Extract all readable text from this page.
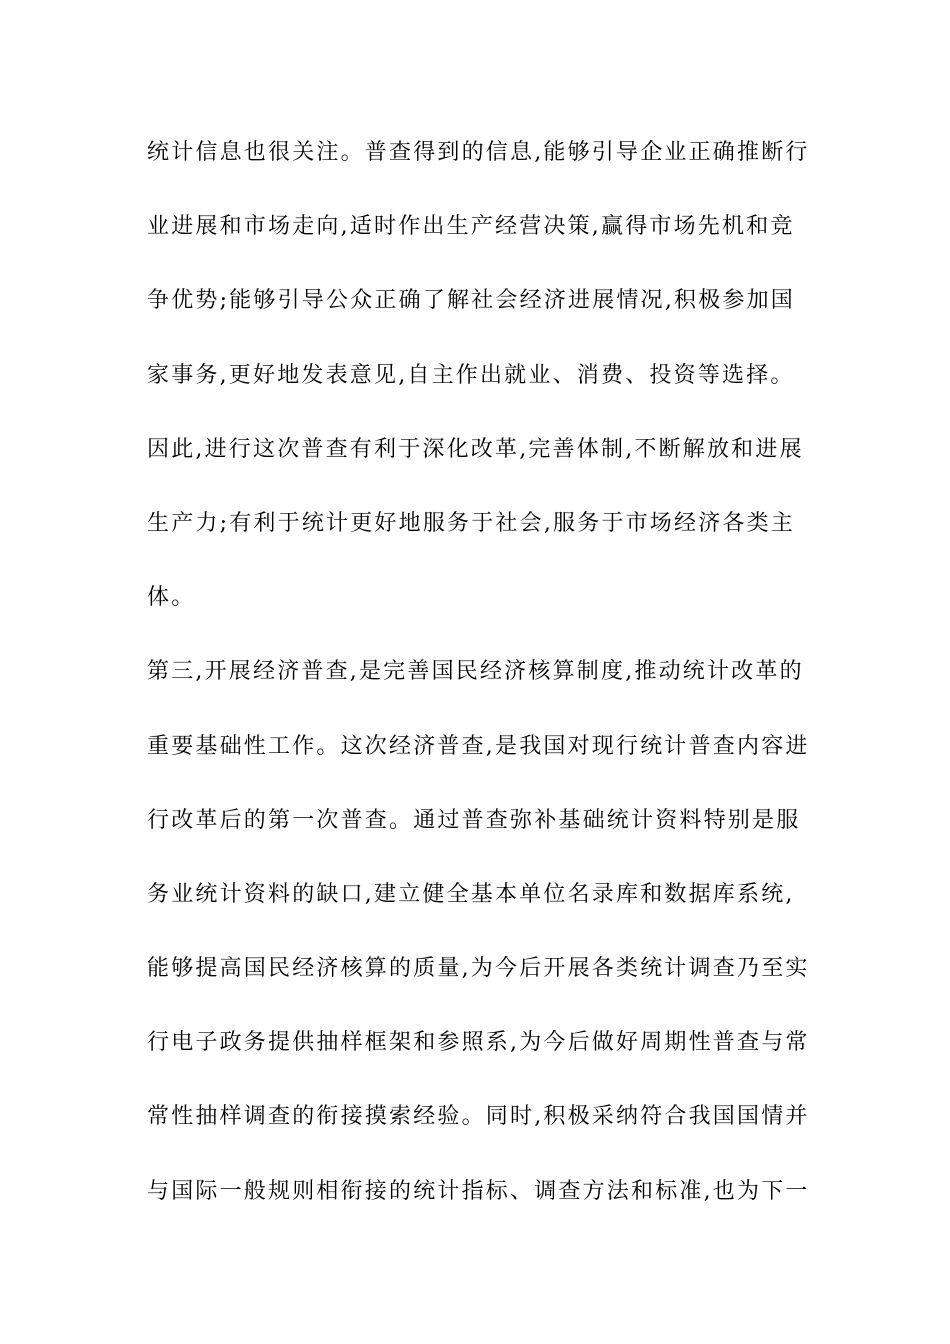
统计信息也很关注。普查得到的信息,能够引导企业正确推断行
业进展和市场走向,适时作出生产经营决策,赢得市场先机和竞
争优势;能够引导公众正确了解社会经济进展情况,积极参加国
家事务,更好地发表意见,自主作出就业、消费、投资等选择。
因此,进行这次普查有利于深化改革,完善体制,不断解放和进展
生产力;有利于统计更好地服务于社会,服务于市场经济各类主
体。
第三,开展经济普查,是完善国民经济核算制度,推动统计改革的
重要基础性工作。这次经济普查,是我国对现行统计普查内容进
行改革后的第一次普查。通过普查弥补基础统计资料特别是服
务业统计资料的缺口,建立健全基本单位名录库和数据库系统,
能够提高国民经济核算的质量,为今后开展各类统计调查乃至实
行电子政务提供抽样框架和参照系,为今后做好周期性普查与常
常性抽样调查的衔接摸索经验。同时,积极采纳符合我国国情并
与国际一般规则相衔接的统计指标、调查方法和标准,也为下一
